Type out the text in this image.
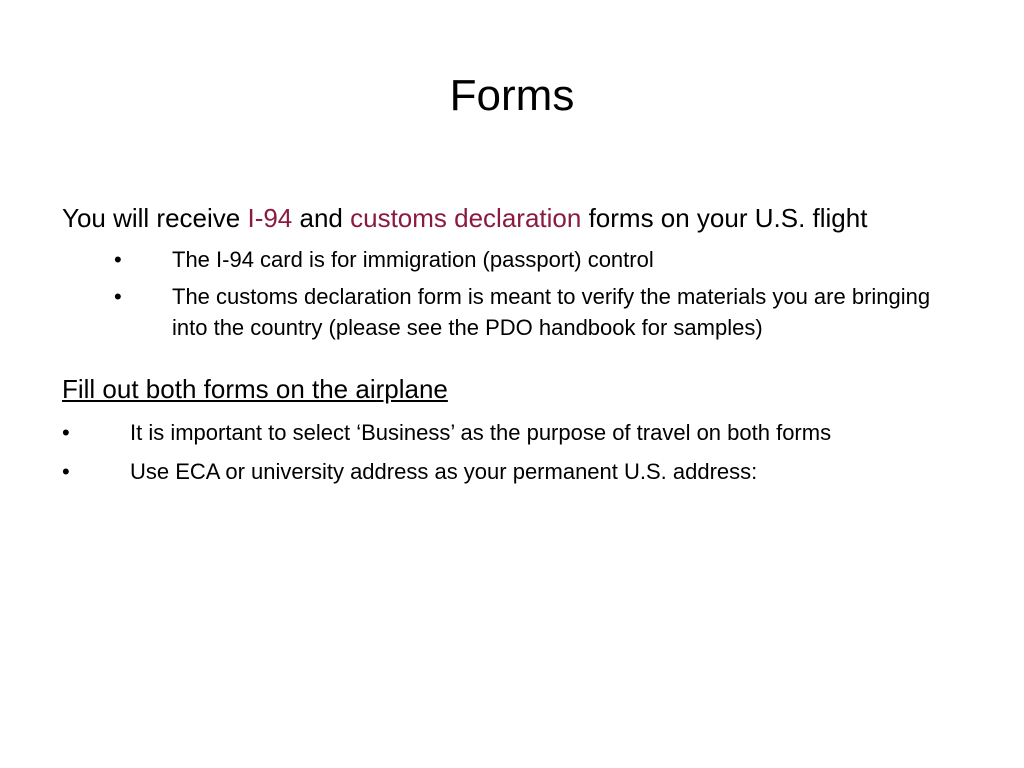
Forms

You will receive I-94 and customs declaration forms on your U.S. flight

• The I-94 card is for immigration (passport) control
• The customs declaration form is meant to verify the materials you are bringing into the country (please see the PDO handbook for samples)
Fill out both forms on the airplane
•	It is important to select ‘Business’ as the purpose of travel on both forms
•	Use ECA or university address as your permanent U.S. address:
